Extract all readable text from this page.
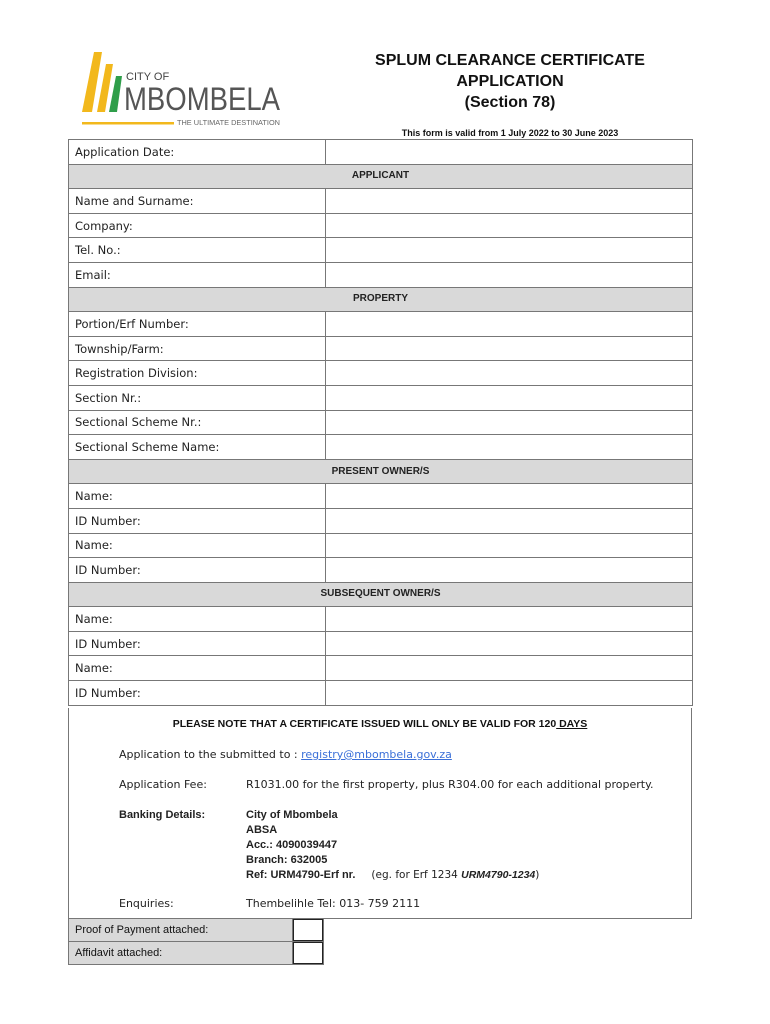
CITY OF
MBOMBELA
THE ULTIMATE DESTINATION
SPLUM CLEARANCE CERTIFICATE
APPLICATION
(Section 78)
This form is valid from 1 July 2022 to 30 June 2023
Application Date:	
APPLICANT	
Name and Surname:	
Company:	
Tel. No.:	
Email:	
PROPERTY	
Portion/Erf Number:	
Township/Farm:	
Registration Division:	
Section Nr.:	
Sectional Scheme Nr.:	
Sectional Scheme Name:	
PRESENT OWNER/S	
Name:	
ID Number:	
Name:	
ID Number:	
SUBSEQUENT OWNER/S	
Name:	
ID Number:	
Name:	
ID Number:	
PLEASE NOTE THAT A CERTIFICATE ISSUED WILL ONLY BE VALID FOR 120 DAYS
Application to the submitted to : registry@mbombela.gov.za
Application Fee:	R1031.00 for the first property, plus R304.00 for each additional property.
Banking Details:	City of Mbombela
ABSA
Acc.: 4090039447
Branch: 632005
Ref: URM4790-Erf nr. (eg. for Erf 1234 URM4790-1234)
Enquiries:	Thembelihle Tel: 013- 759 2111
Proof of Payment attached:	

Affidavit attached:	
